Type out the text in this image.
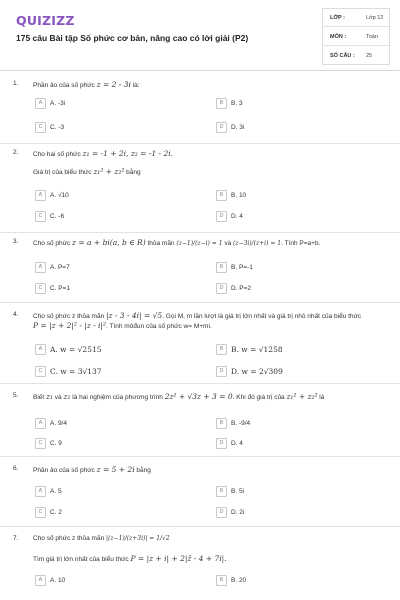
QUIZIZZ
175 câu Bài tập Số phức cơ bản, nâng cao có lời giải (P2)
LỚP :	Lớp 12
MÔN :	Toán
SỐ CÂU : 25
1. Phần ảo của số phức z = 2 - 3i là:
A A. -3i	B B. 3
C C. -3	D D. 3i
2. Cho hai số phức z₁ = -1 + 2i, z₂ = -1 - 2i.
Giá trị của biểu thức z₁² + z₂² bằng
A A. √10	B B. 10
C C. -6	D D. 4
3. Cho số phức z = a + bi(a, b ∈ R) thỏa mãn (z−1)/(z−i) = 1 và (z−3i)/(z+i) = 1. Tính P=a+b.
A A. P=7	B B. P=-1
C C. P=1	D D. P=2
4. Cho số phức z thỏa mãn |z - 3 - 4i| = √5. Gọi M, m lần lượt là giá trị lớn nhất và giá trị nhỏ nhất của biểu thức
P = |z + 2|² - |z - i|². Tính môđun của số phức w= M+mi.
A A. w = √2515	B B. w = √1258
C C. w = 3√137	D D. w = 2√309
5. Biết z₁ và z₂ là hai nghiệm của phương trình 2z² + √3z + 3 = 0. Khi đó giá trị của z₁² + z₂² là
A A. 9/4	B B. -9/4
C C. 9	D D. 4
6. Phần ảo của số phức z = 5 + 2i bằng
A A. 5	B B. 5i
C C. 2	D D. 2i
7. Cho số phức z thỏa mãn |(z−1)/(z+3i)| = 1/√2
Tìm giá trị lớn nhất của biểu thức P = |z + i| + 2|z̄ - 4 + 7i|.
A A. 10	B B. 20
